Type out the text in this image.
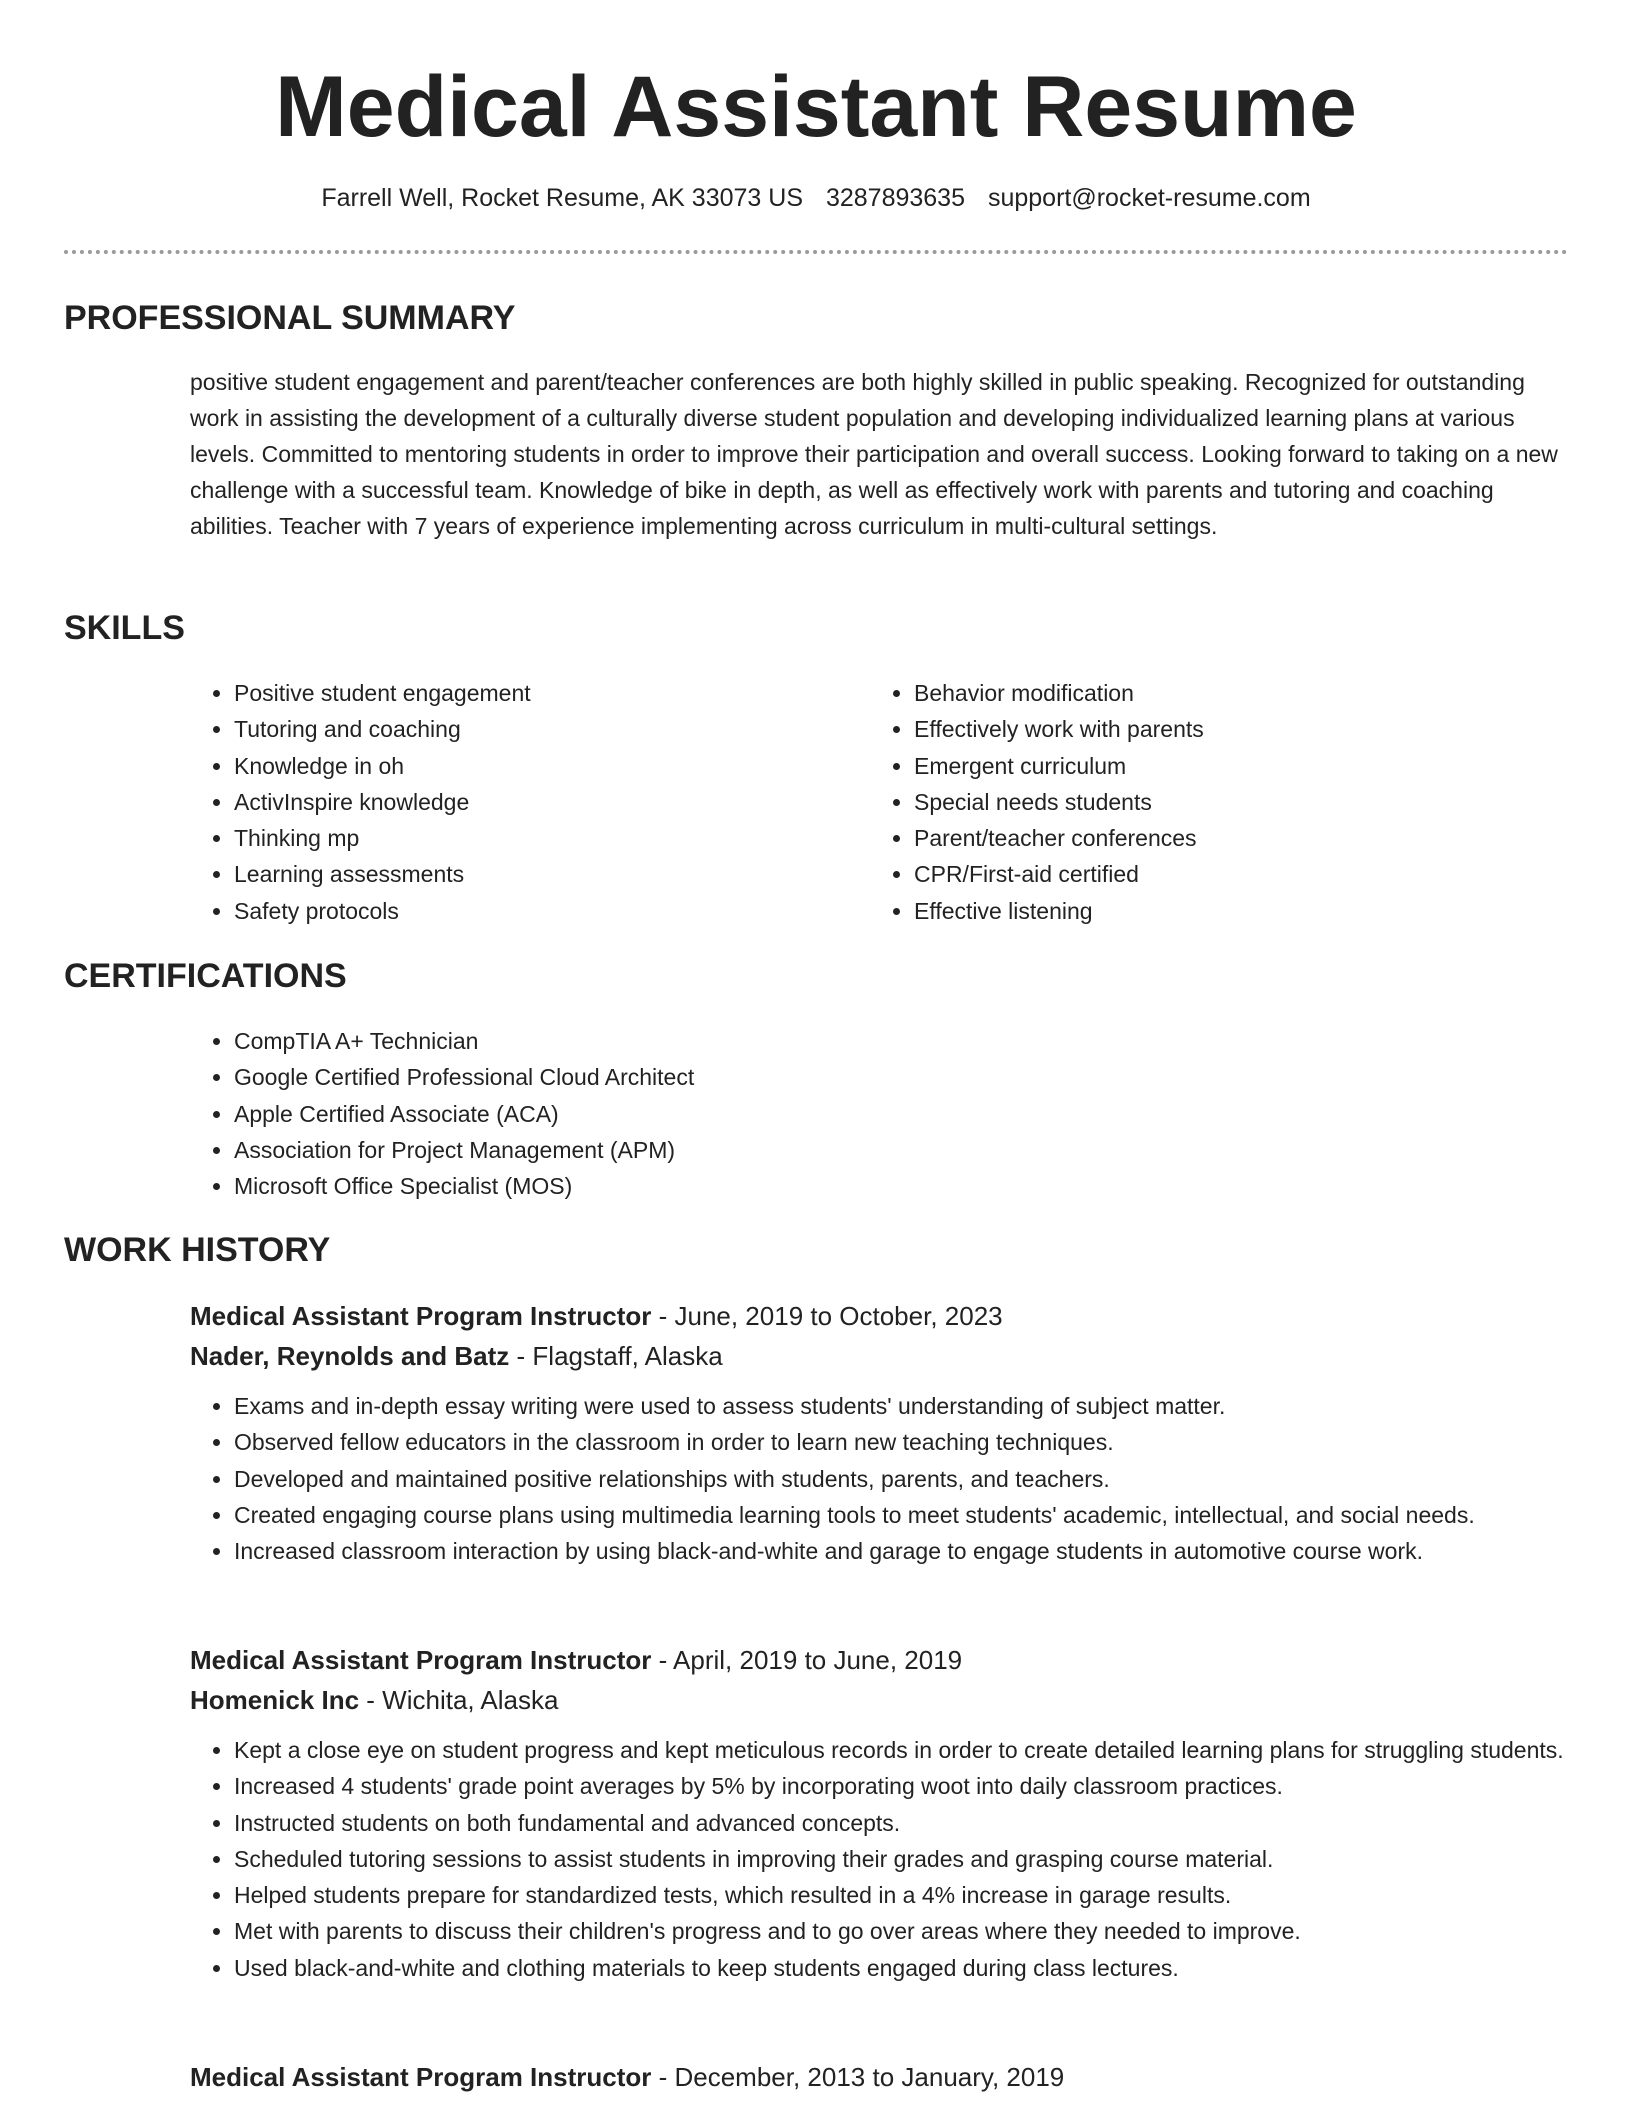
Medical Assistant Resume
Farrell Well, Rocket Resume, AK 33073 US 3287893635 support@rocket-resume.com
PROFESSIONAL SUMMARY
positive student engagement and parent/teacher conferences are both highly skilled in public speaking. Recognized for outstanding work in assisting the development of a culturally diverse student population and developing individualized learning plans at various levels. Committed to mentoring students in order to improve their participation and overall success. Looking forward to taking on a new challenge with a successful team. Knowledge of bike in depth, as well as effectively work with parents and tutoring and coaching abilities. Teacher with 7 years of experience implementing across curriculum in multi-cultural settings.
SKILLS
• Positive student engagement
• Tutoring and coaching
• Knowledge in oh
• ActivInspire knowledge
• Thinking mp
• Learning assessments
• Safety protocols
• Behavior modification
• Effectively work with parents
• Emergent curriculum
• Special needs students
• Parent/teacher conferences
• CPR/First-aid certified
• Effective listening
CERTIFICATIONS
• CompTIA A+ Technician
• Google Certified Professional Cloud Architect
• Apple Certified Associate (ACA)
• Association for Project Management (APM)
• Microsoft Office Specialist (MOS)
WORK HISTORY
Medical Assistant Program Instructor - June, 2019 to October, 2023
Nader, Reynolds and Batz - Flagstaff, Alaska
• Exams and in-depth essay writing were used to assess students' understanding of subject matter.
• Observed fellow educators in the classroom in order to learn new teaching techniques.
• Developed and maintained positive relationships with students, parents, and teachers.
• Created engaging course plans using multimedia learning tools to meet students' academic, intellectual, and social needs.
• Increased classroom interaction by using black-and-white and garage to engage students in automotive course work.
Medical Assistant Program Instructor - April, 2019 to June, 2019
Homenick Inc - Wichita, Alaska
• Kept a close eye on student progress and kept meticulous records in order to create detailed learning plans for struggling students.
• Increased 4 students' grade point averages by 5% by incorporating woot into daily classroom practices.
• Instructed students on both fundamental and advanced concepts.
• Scheduled tutoring sessions to assist students in improving their grades and grasping course material.
• Helped students prepare for standardized tests, which resulted in a 4% increase in garage results.
• Met with parents to discuss their children's progress and to go over areas where they needed to improve.
• Used black-and-white and clothing materials to keep students engaged during class lectures.
Medical Assistant Program Instructor - December, 2013 to January, 2019
